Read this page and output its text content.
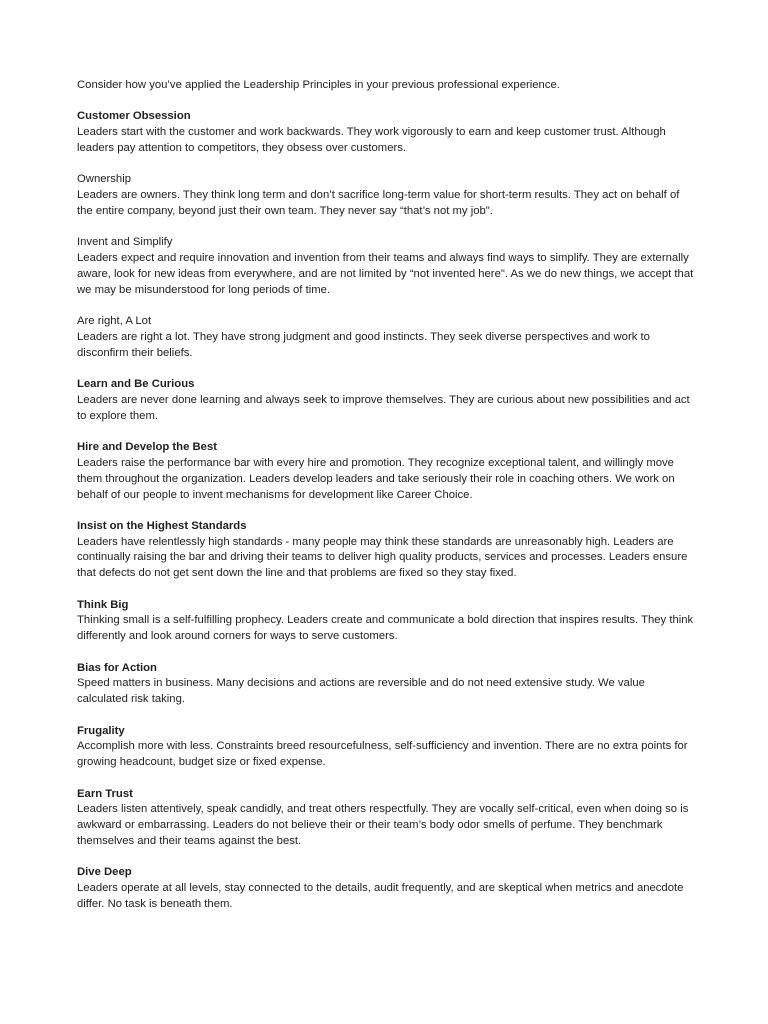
Consider how you’ve applied the Leadership Principles in your previous professional experience.

Customer Obsession

Leaders start with the customer and work backwards. They work vigorously to earn and keep customer trust. Although leaders pay attention to competitors, they obsess over customers.

Ownership

Leaders are owners. They think long term and don’t sacrifice long-term value for short-term results. They act on behalf of the entire company, beyond just their own team. They never say “that’s not my job".

Invent and Simplify

Leaders expect and require innovation and invention from their teams and always find ways to simplify. They are externally aware, look for new ideas from everywhere, and are not limited by “not invented here". As we do new things, we accept that we may be misunderstood for long periods of time.

Are right, A Lot

Leaders are right a lot. They have strong judgment and good instincts. They seek diverse perspectives and work to disconfirm their beliefs.

Learn and Be Curious

Leaders are never done learning and always seek to improve themselves. They are curious about new possibilities and act to explore them.

Hire and Develop the Best

Leaders raise the performance bar with every hire and promotion. They recognize exceptional talent, and willingly move them throughout the organization. Leaders develop leaders and take seriously their role in coaching others. We work on behalf of our people to invent mechanisms for development like Career Choice.

Insist on the Highest Standards

Leaders have relentlessly high standards - many people may think these standards are unreasonably high. Leaders are continually raising the bar and driving their teams to deliver high quality products, services and processes. Leaders ensure that defects do not get sent down the line and that problems are fixed so they stay fixed.

Think Big

Thinking small is a self-fulfilling prophecy. Leaders create and communicate a bold direction that inspires results. They think differently and look around corners for ways to serve customers.

Bias for Action

Speed matters in business. Many decisions and actions are reversible and do not need extensive study. We value calculated risk taking.

Frugality

Accomplish more with less. Constraints breed resourcefulness, self-sufficiency and invention. There are no extra points for growing headcount, budget size or fixed expense.

Earn Trust

Leaders listen attentively, speak candidly, and treat others respectfully. They are vocally self-critical, even when doing so is awkward or embarrassing. Leaders do not believe their or their team’s body odor smells of perfume. They benchmark themselves and their teams against the best.

Dive Deep

Leaders operate at all levels, stay connected to the details, audit frequently, and are skeptical when metrics and anecdote differ. No task is beneath them.
